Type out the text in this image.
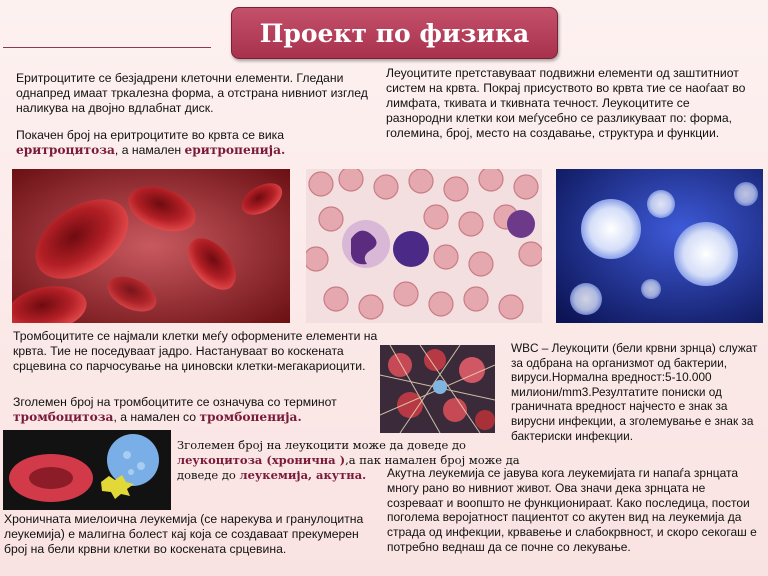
Проект по физика
Еритроцитите се безјадрени клеточни елементи. Гледани однапред имаат тркалезна форма, а отстрана нивниот изглед наликува на двојно вдлабнат диск.
Покачен број на еритроцитите во крвта се вика еритроцитоза, а намален еритропенија.
Леуоцитите претставуваат подвижни елементи од заштитниот систем на крвта. Покрај присуството во крвта тие се наоѓаат во лимфата, ткивата и ткивната течност. Леукоцитите се разнородни клетки кои меѓусебно се разликуваат по: форма, големина, број, место на создавање, структура и функции.
Тромбоцитите се најмали клетки меѓу оформените елементи на крвта. Тие не поседуваат јадро. Настануваат во коскената срцевина со парчосување на џиновски клетки-мегакариоцити.
Зголемен број на тромбоцитите се означува со терминот тромбоцитоза, а намален со тромбопенија.
WBC – Леукоцити (бели крвни зрнца) служат за одбрана на организмот од бактерии, вируси.Нормална вредност:5-10.000 милиони/mm3.Резултатите пониски од граничната вредност најчесто е знак за вирусни инфекции, а зголемување е знак за бактериски инфекции.
Зголемен број на леукоцити може да доведе до леукоцитоза (хронична ),а пак намален број може да доведе до леукемија, акутна.	Акутна леукемија се јавува кога леукемијата ги напаѓа зрнцата многу рано во нивниот живот. Ова значи дека зрнцата не созреваат и воопшто не функционираат. Како последица, постои поголема веројатност пациентот со акутен вид на леукемија да страда од инфекции, крвавење и слабокрвност, и скоро секогаш е потребно веднаш да се почне со лекување.
Хроничната миелоична леукемија (се нарекува и гранулоцитна леукемија) е малигна болест кај која се создаваат прекумерен број на бели крвни клетки во коскената срцевина.
